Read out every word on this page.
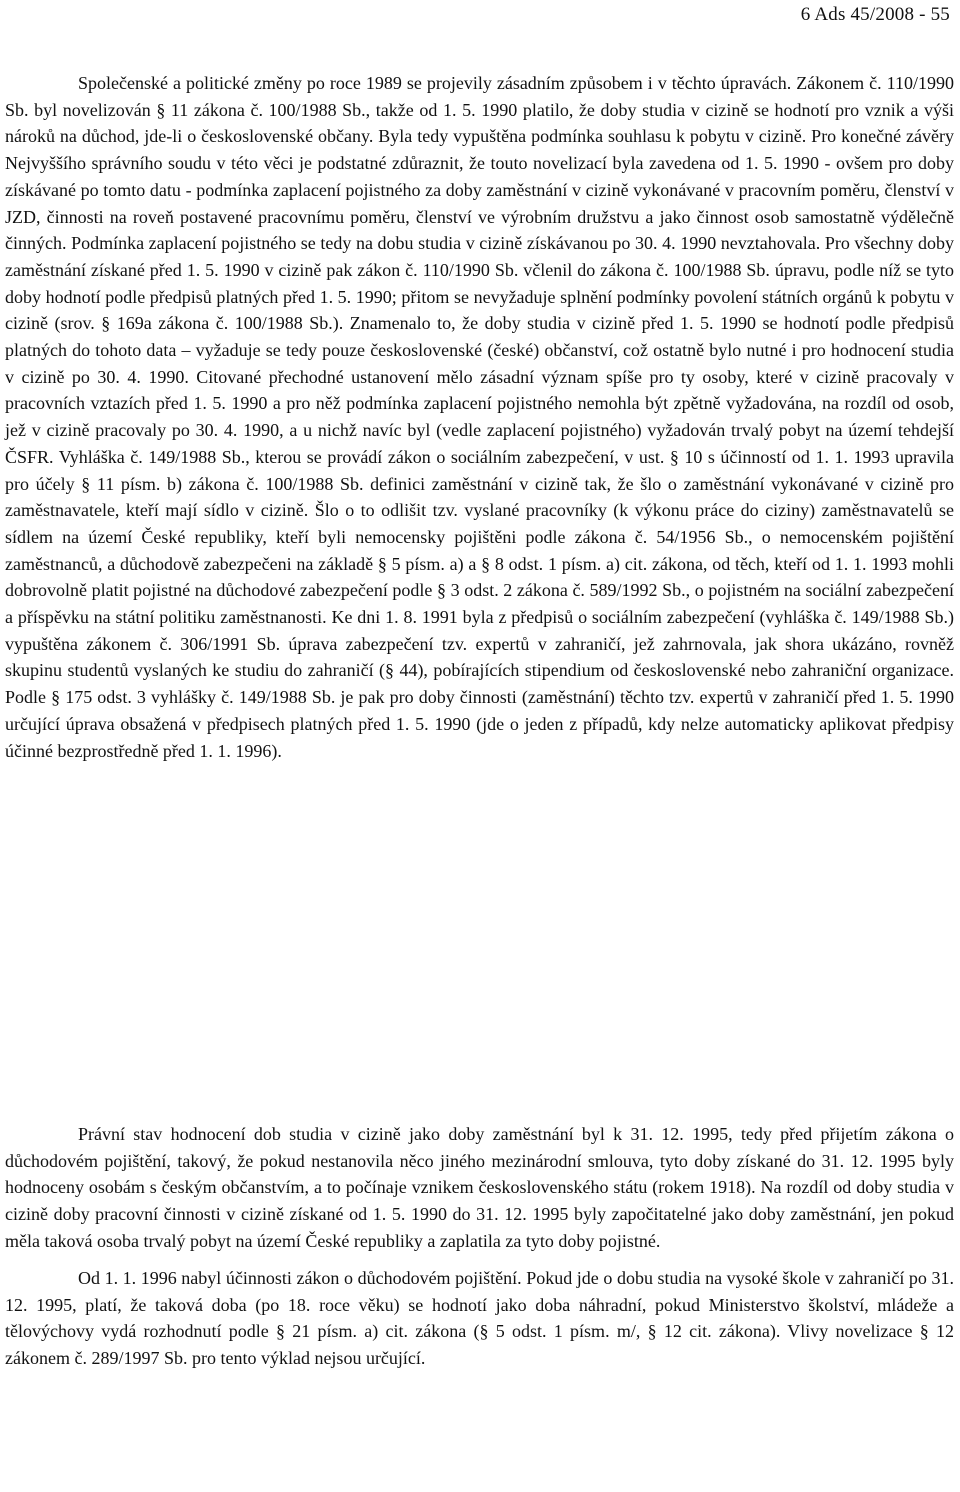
6 Ads 45/2008 - 55

Společenské a politické změny po roce 1989 se projevily zásadním způsobem i v těchto úpravách. Zákonem č. 110/1990 Sb. byl novelizován § 11 zákona č. 100/1988 Sb., takže od 1. 5. 1990 platilo, že doby studia v cizině se hodnotí pro vznik a výši nároků na důchod, jde-li o československé občany. Byla tedy vypuštěna podmínka souhlasu k pobytu v cizině. Pro konečné závěry Nejvyššího správního soudu v této věci je podstatné zdůraznit, že touto novelizací byla zavedena od 1. 5. 1990 - ovšem pro doby získávané po tomto datu - podmínka zaplacení pojistného za doby zaměstnání v cizině vykonávané v pracovním poměru, členství v JZD, činnosti na roveň postavené pracovnímu poměru, členství ve výrobním družstvu a jako činnost osob samostatně výdělečně činných. Podmínka zaplacení pojistného se tedy na dobu studia v cizině získávanou po 30. 4. 1990 nevztahovala. Pro všechny doby zaměstnání získané před 1. 5. 1990 v cizině pak zákon č. 110/1990 Sb. včlenil do zákona č. 100/1988 Sb. úpravu, podle níž se tyto doby hodnotí podle předpisů platných před 1. 5. 1990; přitom se nevyžaduje splnění podmínky povolení státních orgánů k pobytu v cizině (srov. § 169a zákona č. 100/1988 Sb.). Znamenalo to, že doby studia v cizině před 1. 5. 1990 se hodnotí podle předpisů platných do tohoto data – vyžaduje se tedy pouze československé (české) občanství, což ostatně bylo nutné i pro hodnocení studia v cizině po 30. 4. 1990. Citované přechodné ustanovení mělo zásadní význam spíše pro ty osoby, které v cizině pracovaly v pracovních vztazích před 1. 5. 1990 a pro něž podmínka zaplacení pojistného nemohla být zpětně vyžadována, na rozdíl od osob, jež v cizině pracovaly po 30. 4. 1990, a u nichž navíc byl (vedle zaplacení pojistného) vyžadován trvalý pobyt na území tehdejší ČSFR. Vyhláška č. 149/1988 Sb., kterou se provádí zákon o sociálním zabezpečení, v ust. § 10 s účinností od 1. 1. 1993 upravila pro účely § 11 písm. b) zákona č. 100/1988 Sb. definici zaměstnání v cizině tak, že šlo o zaměstnání vykonávané v cizině pro zaměstnavatele, kteří mají sídlo v cizině. Šlo o to odlišit tzv. vyslané pracovníky (k výkonu práce do ciziny) zaměstnavatelů se sídlem na území České republiky, kteří byli nemocensky pojištěni podle zákona č. 54/1956 Sb., o nemocenském pojištění zaměstnanců, a důchodově zabezpečeni na základě § 5 písm. a) a § 8 odst. 1 písm. a) cit. zákona, od těch, kteří od 1. 1. 1993 mohli dobrovolně platit pojistné na důchodové zabezpečení podle § 3 odst. 2 zákona č. 589/1992 Sb., o pojistném na sociální zabezpečení a příspěvku na státní politiku zaměstnanosti. Ke dni 1. 8. 1991 byla z předpisů o sociálním zabezpečení (vyhláška č. 149/1988 Sb.) vypuštěna zákonem č. 306/1991 Sb. úprava zabezpečení tzv. expertů v zahraničí, jež zahrnovala, jak shora ukázáno, rovněž skupinu studentů vyslaných ke studiu do zahraničí (§ 44), pobírajících stipendium od československé nebo zahraniční organizace. Podle § 175 odst. 3 vyhlášky č. 149/1988 Sb. je pak pro doby činnosti (zaměstnání) těchto tzv. expertů v zahraničí před 1. 5. 1990 určující úprava obsažená v předpisech platných před 1. 5. 1990 (jde o jeden z případů, kdy nelze automaticky aplikovat předpisy účinné bezprostředně před 1. 1. 1996).

Právní stav hodnocení dob studia v cizině jako doby zaměstnání byl k 31. 12. 1995, tedy před přijetím zákona o důchodovém pojištění, takový, že pokud nestanovila něco jiného mezinárodní smlouva, tyto doby získané do 31. 12. 1995 byly hodnoceny osobám s českým občanstvím, a to počínaje vznikem československého státu (rokem 1918). Na rozdíl od doby studia v cizině doby pracovní činnosti v cizině získané od 1. 5. 1990 do 31. 12. 1995 byly započitatelné jako doby zaměstnání, jen pokud měla taková osoba trvalý pobyt na území České republiky a zaplatila za tyto doby pojistné.

Od 1. 1. 1996 nabyl účinnosti zákon o důchodovém pojištění. Pokud jde o dobu studia na vysoké škole v zahraničí po 31. 12. 1995, platí, že taková doba (po 18. roce věku) se hodnotí jako doba náhradní, pokud Ministerstvo školství, mládeže a tělovýchovy vydá rozhodnutí podle § 21 písm. a) cit. zákona (§ 5 odst. 1 písm. m/, § 12 cit. zákona). Vlivy novelizace § 12 zákonem č. 289/1997 Sb. pro tento výklad nejsou určující.
